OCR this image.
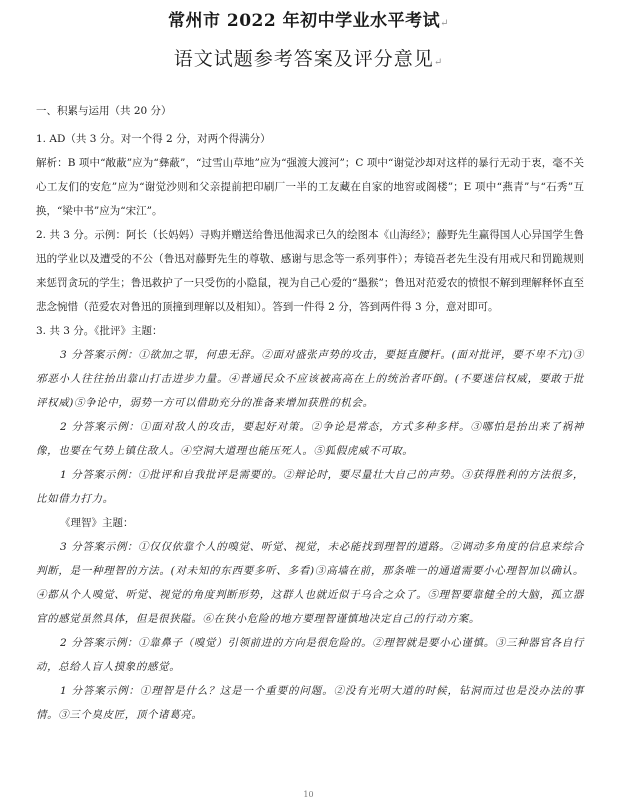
常州市 2022 年初中学业水平考试↵
语文试题参考答案及评分意见↵

一、积累与运用（共 20 分）

1. AD（共 3 分。对一个得 2 分，对两个得满分）

解析：B 项中“敞蔽”应为“彝蔽”，“过雪山草地”应为“强渡大渡河”；C 项中“谢觉沙却对这样的暴行无动于衷，毫不关心工友们的安危”应为“谢觉沙则和父亲提前把印刷厂一半的工友藏在自家的地窖或阁楼”；E 项中“燕青”与“石秀”互换，“梁中书”应为“宋江”。

2. 共 3 分。示例：阿长（长妈妈）寻购并赠送给鲁迅他渴求已久的绘图本《山海经》；藤野先生赢得国人心异国学生鲁迅的学业以及遭受的不公（鲁迅对藤野先生的尊敬、感谢与思念等一系列事件）；寿镜吾老先生没有用戒尺和罚跪规则来惩罚贪玩的学生；鲁迅救护了一只受伤的小隐鼠，视为自己心爱的“墨猴”；鲁迅对范爱农的愤恨不解到理解释怀直至悲念惋惜（范爱农对鲁迅的顶撞到理解以及相知）。答到一件得 2 分，答到两件得 3 分，意对即可。

3. 共 3 分。《批评》主题：

3 分答案示例：①欲加之罪，何患无辞。②面对盛张声势的攻击，要挺直腰杆。(面对批评，要不卑不亢)③邪恶小人往往抬出靠山打击进步力量。④普通民众不应该被高高在上的统治者吓倒。(不要迷信权威，要敢于批评权威)⑤争论中，弱势一方可以借助充分的准备来增加获胜的机会。

2 分答案示例：①面对敌人的攻击，要起好对策。②争论是常态，方式多种多样。③哪怕是抬出来了祸神像，也要在气势上镇住敌人。④空洞大道理也能压死人。⑤狐假虎威不可取。

1 分答案示例：①批评和自我批评是需要的。②辩论时，要尽量壮大自己的声势。③获得胜利的方法很多，比如借力打力。

《理智》主题：

3 分答案示例：①仅仅依靠个人的嗅觉、听觉、视觉，未必能找到理智的道路。②调动多角度的信息来综合判断，是一种理智的方法。(对未知的东西要多听、多看)③高墙在前，那条唯一的通道需要小心理智加以确认。④都从个人嗅觉、听觉、视觉的角度判断形势，这群人也就近似于乌合之众了。⑤理智要靠健全的大脑，孤立器官的感觉虽然具体，但是很狭隘。⑥在狭小危险的地方要理智谨慎地决定自己的行动方案。

2 分答案示例：①靠鼻子（嗅觉）引领前进的方向是很危险的。②理智就是要小心谨慎。③三种器官各自行动，总给人盲人摸象的感觉。

1 分答案示例：①理智是什么？这是一个重要的问题。②没有光明大道的时候，钻洞而过也是没办法的事情。③三个臭皮匠，顶个诸葛亮。

10
